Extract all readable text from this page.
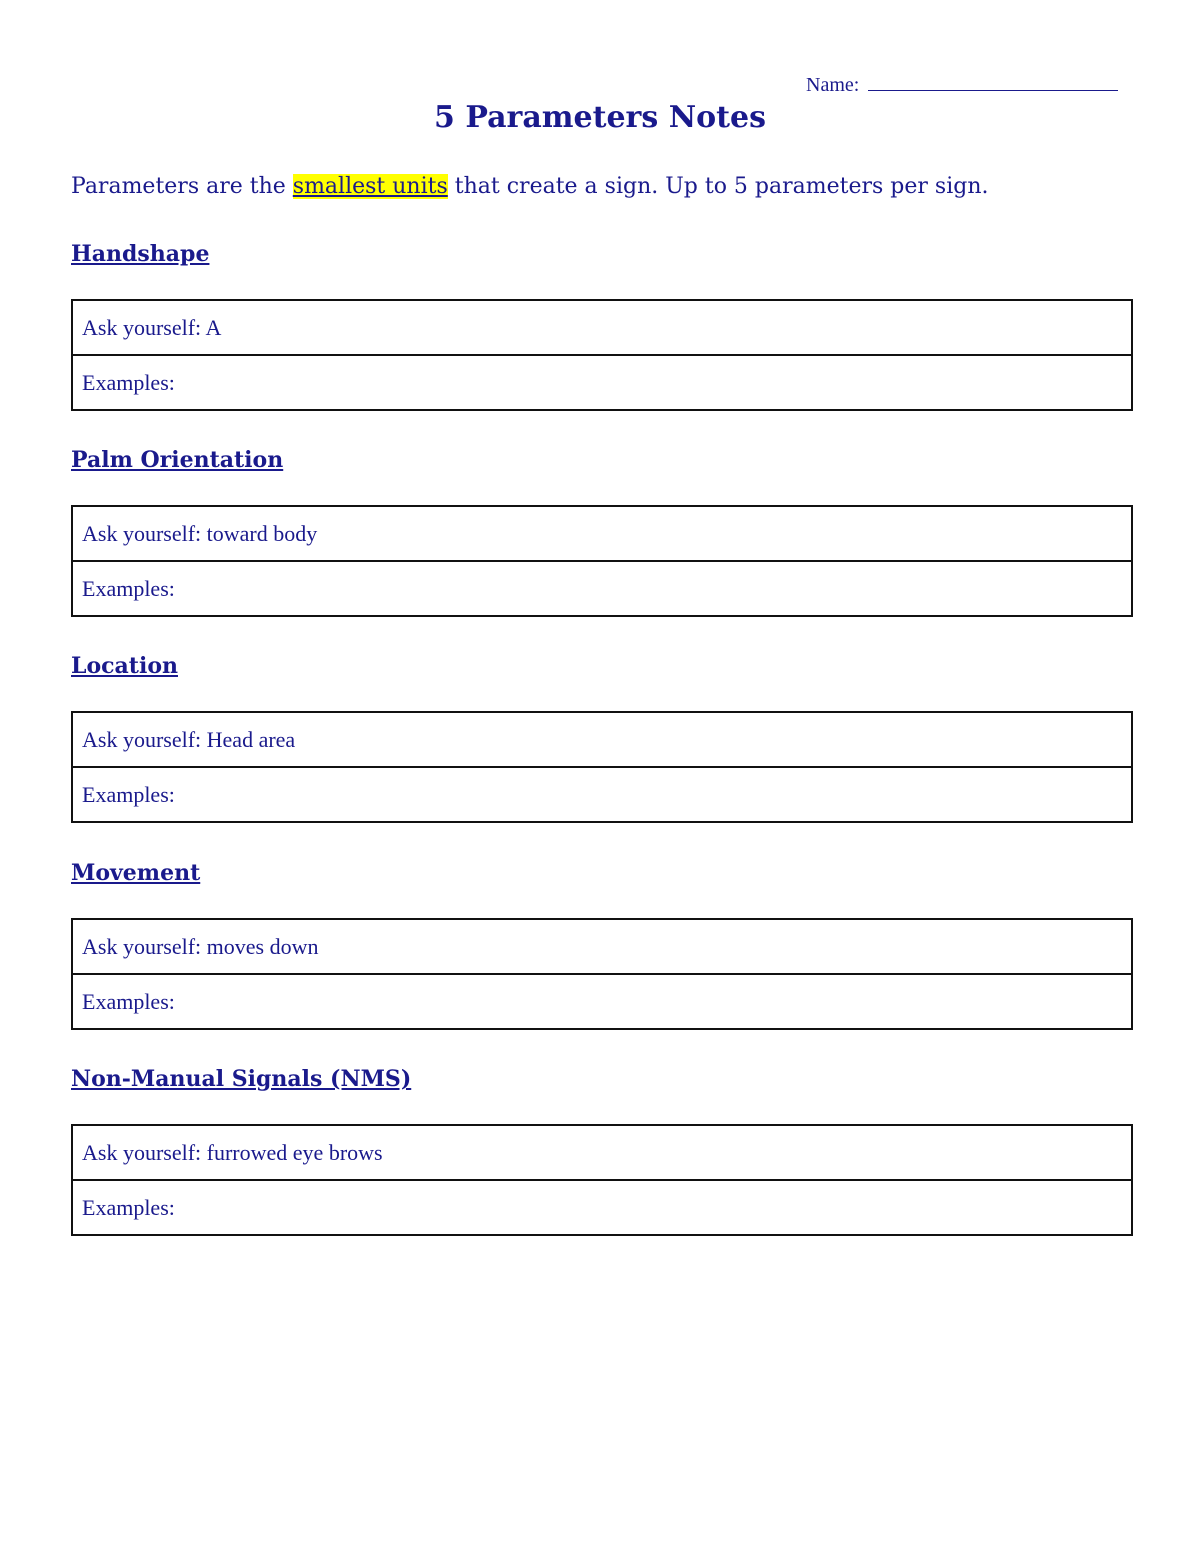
Name:
5 Parameters Notes
Parameters are the smallest units that create a sign. Up to 5 parameters per sign.
Handshape
Ask yourself: A
Examples:
Palm Orientation
Ask yourself: toward body
Examples:
Location
Ask yourself: Head area
Examples:
Movement
Ask yourself: moves down
Examples:
Non-Manual Signals (NMS)
Ask yourself: furrowed eye brows
Examples:
